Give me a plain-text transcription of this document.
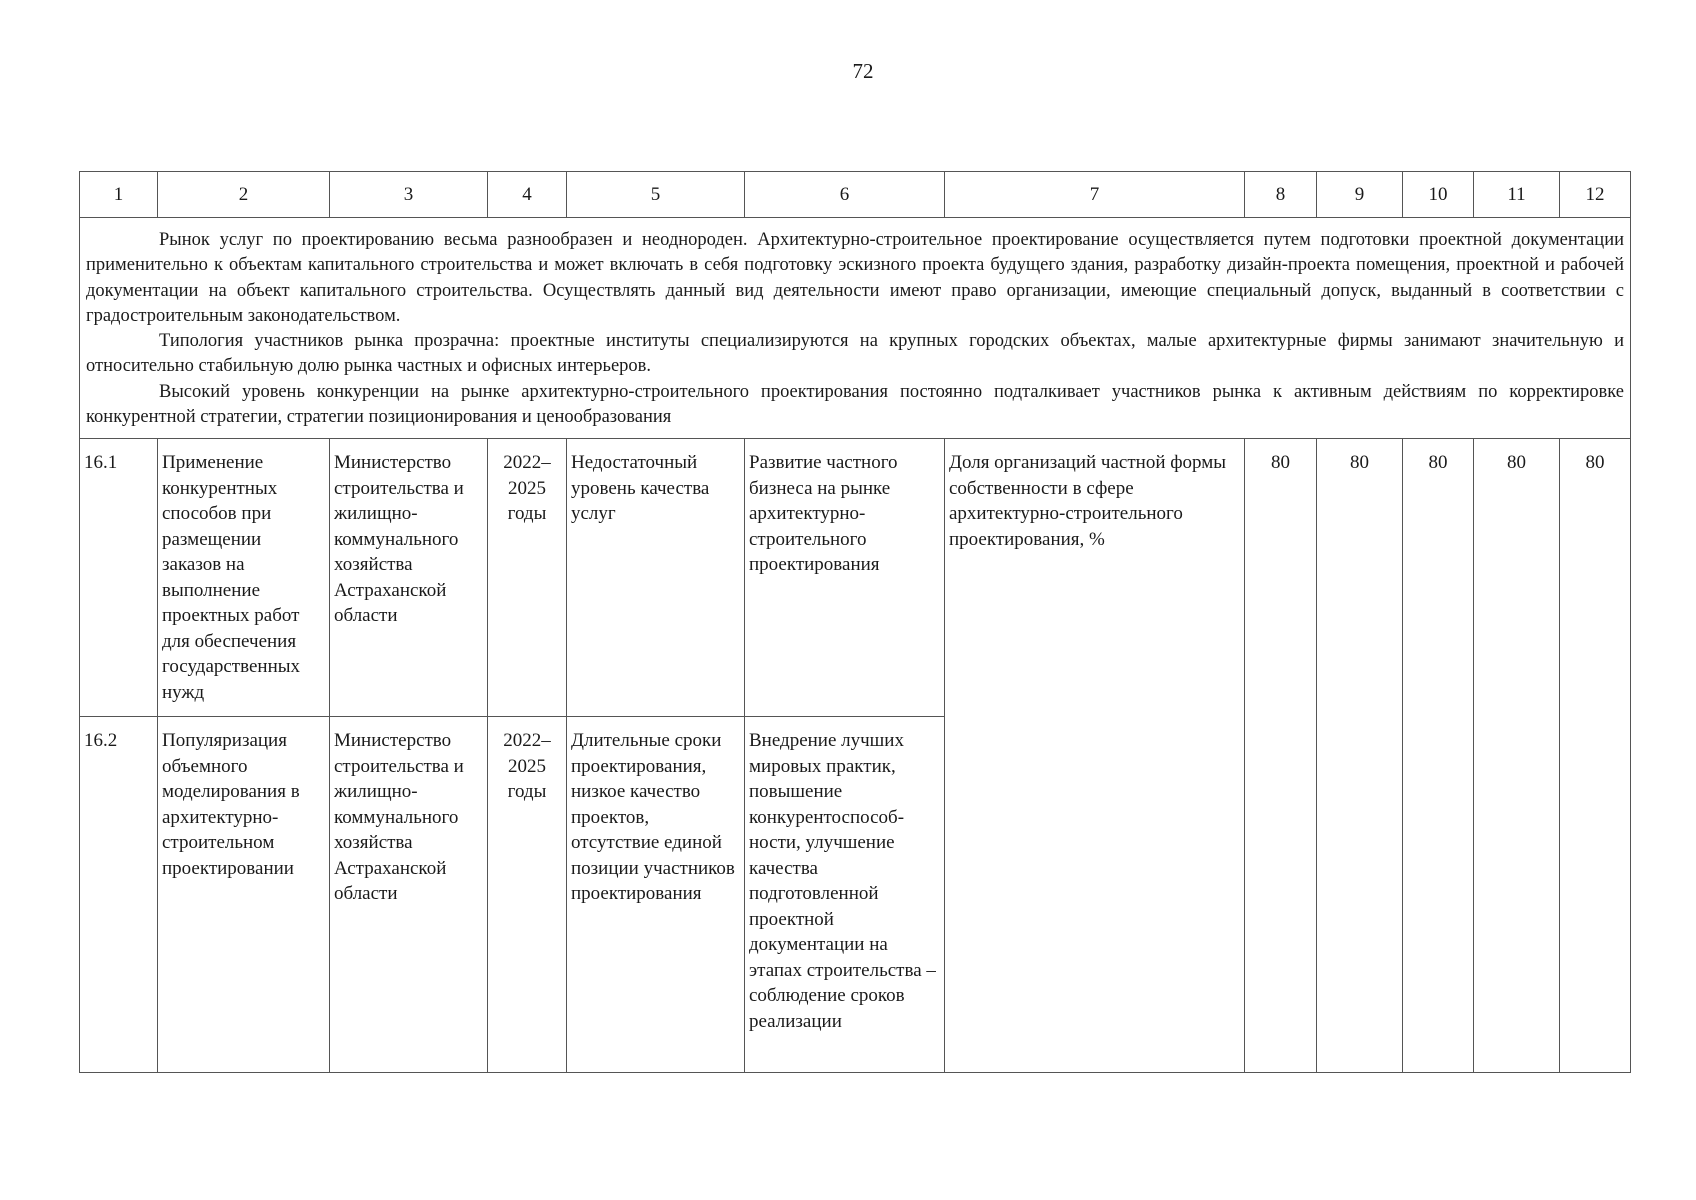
72
1	2	3	4	5	6	7	8	9	10	11	12

Рынок услуг по проектированию весьма разнообразен и неоднороден. Архитектурно-строительное проектирование осуществляется путем подготовки проектной документации применительно к объектам капитального строительства и может включать в себя подготовку эскизного проекта будущего здания, разработку дизайн-проекта помещения, проектной и рабочей документации на объект капитального строительства. Осуществлять данный вид деятельности имеют право организации, имеющие специальный допуск, выданный в соответствии с градостроительным законодательством.

Типология участников рынка прозрачна: проектные институты специализируются на крупных городских объектах, малые архитектурные фирмы занимают значительную и относительно стабильную долю рынка частных и офисных интерьеров.

Высокий уровень конкуренции на рынке архитектурно-строительного проектирования постоянно подталкивает участников рынка к активным действиям по корректировке конкурентной стратегии, стратегии позиционирования и ценообразования											

16.1	Применение конкурентных способов при размещении заказов на выполнение проектных работ для обеспечения государственных нужд	Министерство строительства и жилищно-коммунального хозяйства Астраханской области	2022–2025 годы	Недостаточный уровень качества услуг	Развитие частного бизнеса на рынке архитектурно-строительного проектирования	Доля организаций частной формы собственности в сфере архитектурно-строительного проектирования, %	80	80	80	80	80
16.2	Популяризация объемного моделирования в архитектурно-строительном проектировании	Министерство строительства и жилищно-коммунального хозяйства Астраханской области	2022–2025 годы	Длительные сроки проектирования, низкое качество проектов, отсутствие единой позиции участников проектирования	Внедрение лучших мировых практик, повышение конкурентоспособ-ности, улучшение качества подготовленной проектной документации на этапах строительства – соблюдение сроков реализации						
